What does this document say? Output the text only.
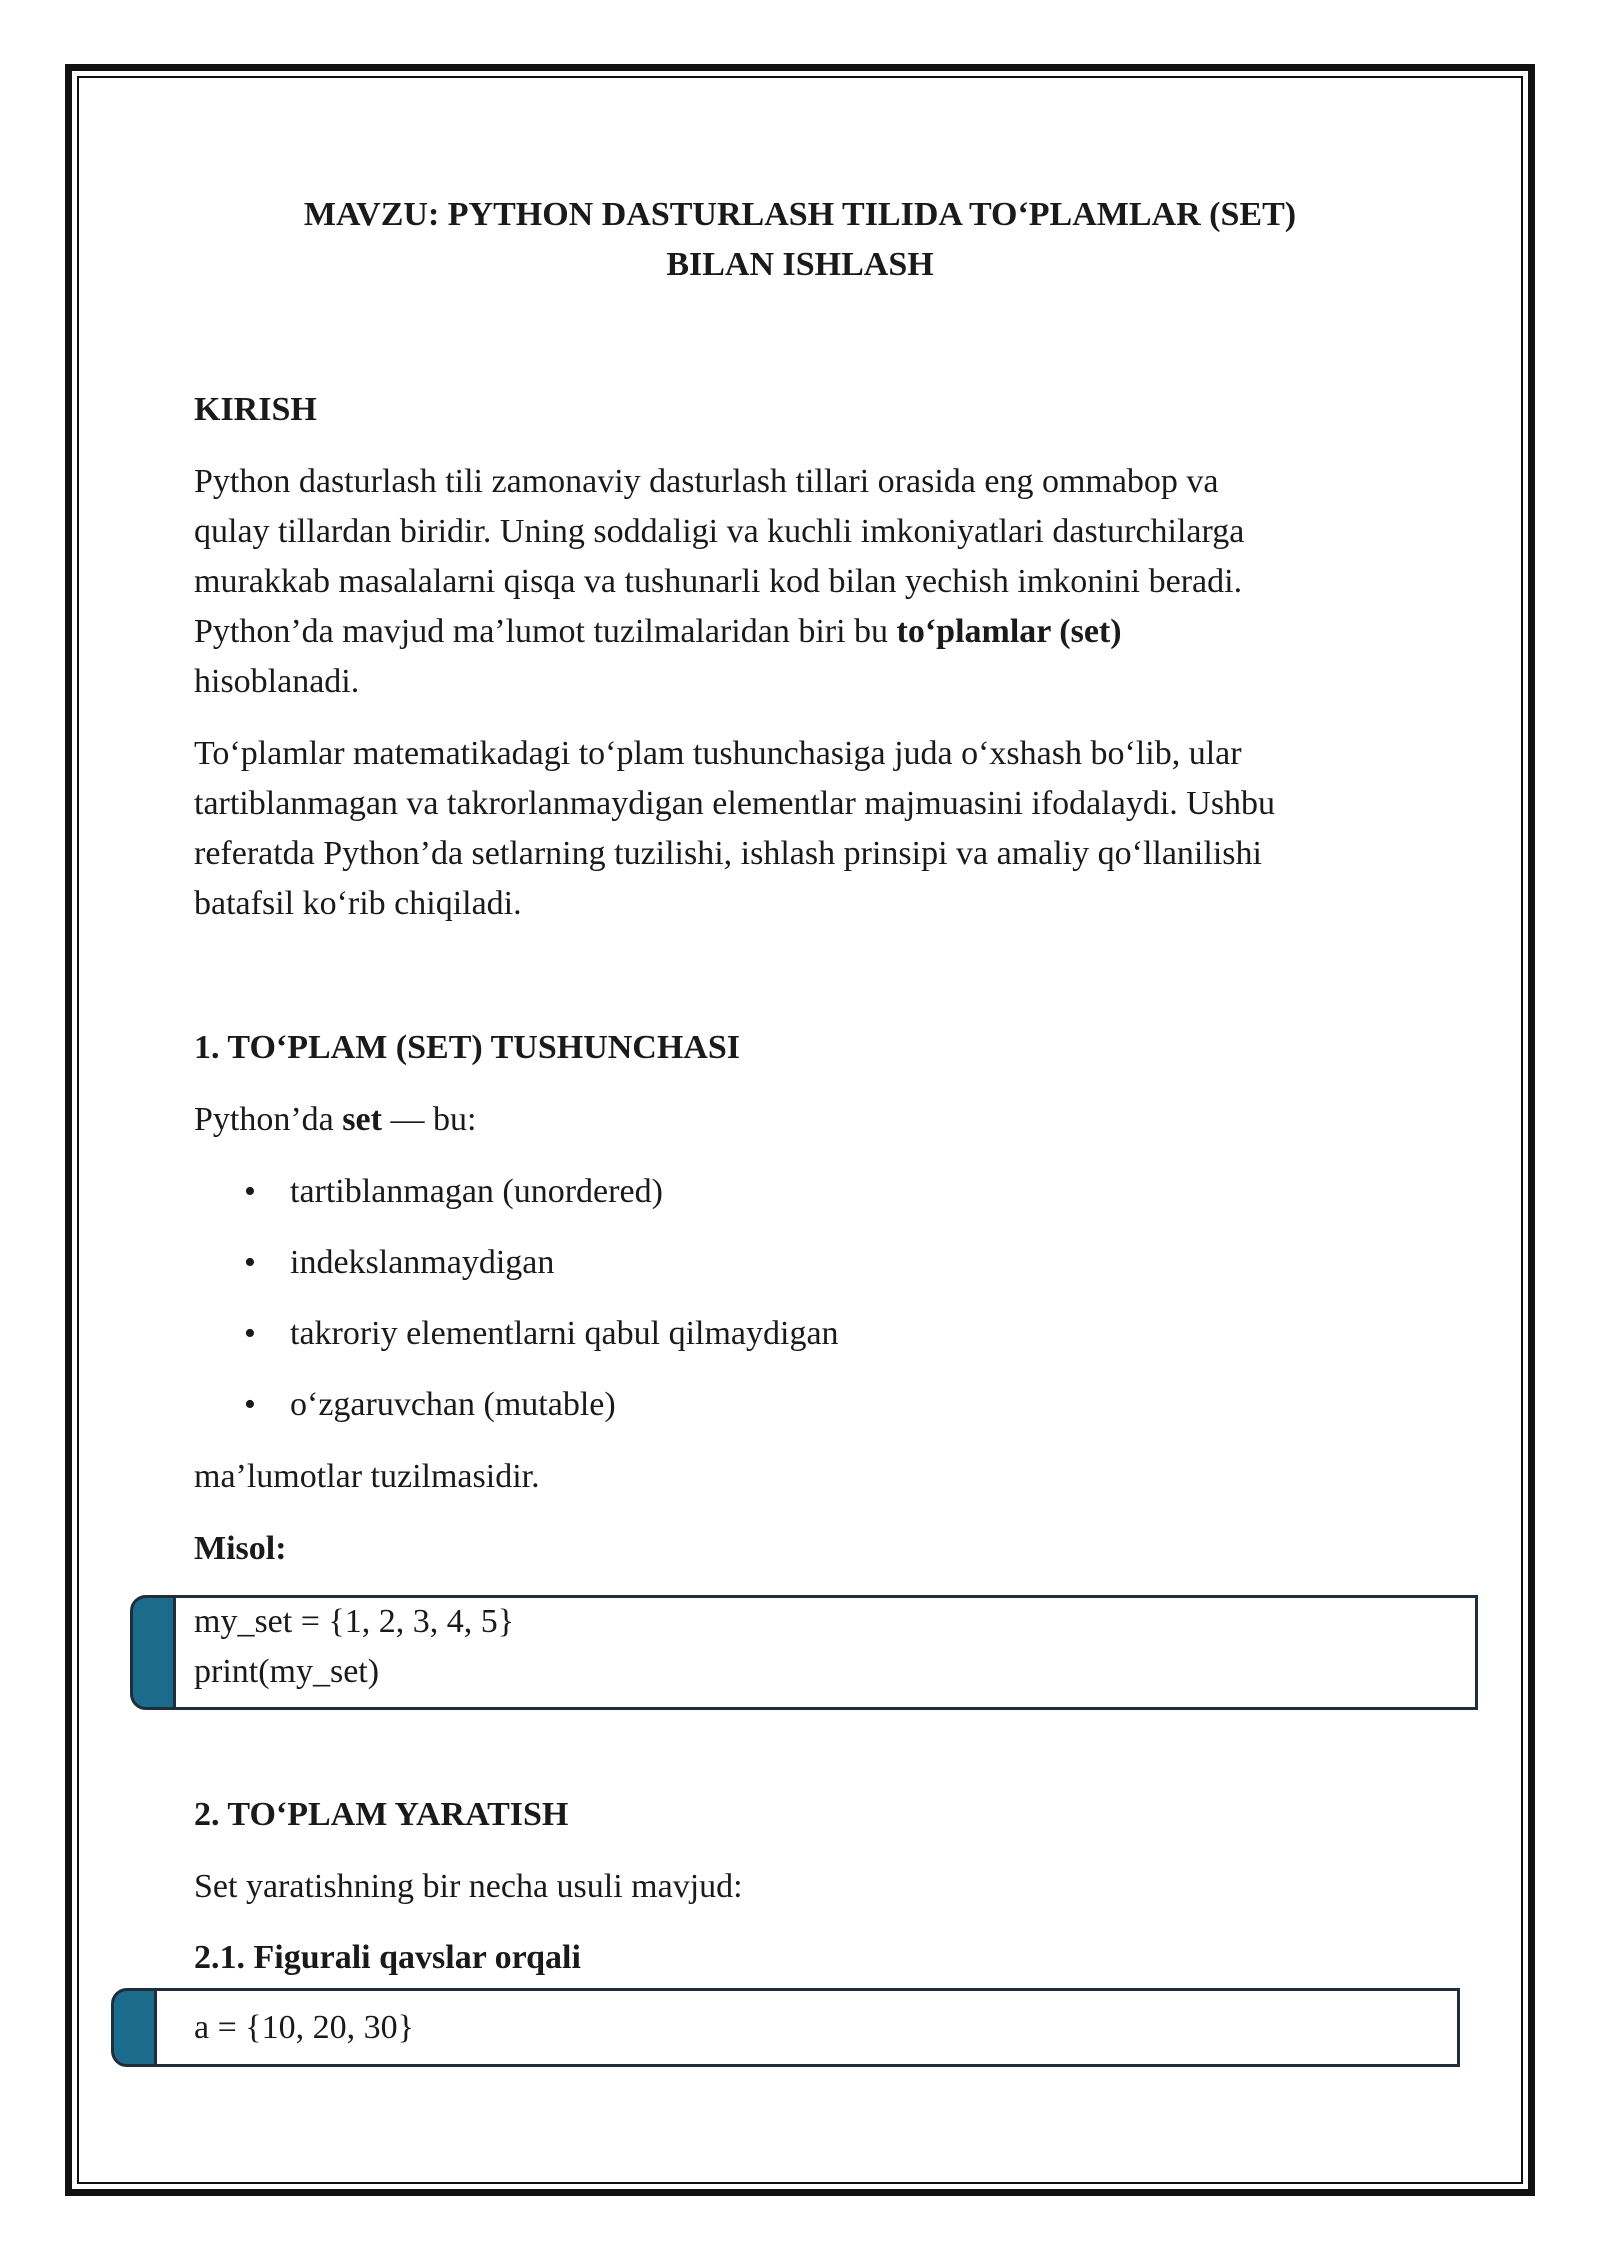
MAVZU: PYTHON DASTURLASH TILIDA TO‘PLAMLAR (SET)
BILAN ISHLASH
KIRISH
Python dasturlash tili zamonaviy dasturlash tillari orasida eng ommabop va
qulay tillardan biridir. Uning soddaligi va kuchli imkoniyatlari dasturchilarga
murakkab masalalarni qisqa va tushunarli kod bilan yechish imkonini beradi.
Python’da mavjud ma’lumot tuzilmalaridan biri bu to‘plamlar (set)
hisoblanadi.
To‘plamlar matematikadagi to‘plam tushunchasiga juda o‘xshash bo‘lib, ular
tartiblanmagan va takrorlanmaydigan elementlar majmuasini ifodalaydi. Ushbu
referatda Python’da setlarning tuzilishi, ishlash prinsipi va amaliy qo‘llanilishi
batafsil ko‘rib chiqiladi.
1. TO‘PLAM (SET) TUSHUNCHASI
Python’da set — bu:
• tartiblanmagan (unordered)
• indekslanmaydigan
• takroriy elementlarni qabul qilmaydigan
• o‘zgaruvchan (mutable)
ma’lumotlar tuzilmasidir.
Misol:
my_set = {1, 2, 3, 4, 5}
print(my_set)
2. TO‘PLAM YARATISH
Set yaratishning bir necha usuli mavjud:
2.1. Figurali qavslar orqali
a = {10, 20, 30}
